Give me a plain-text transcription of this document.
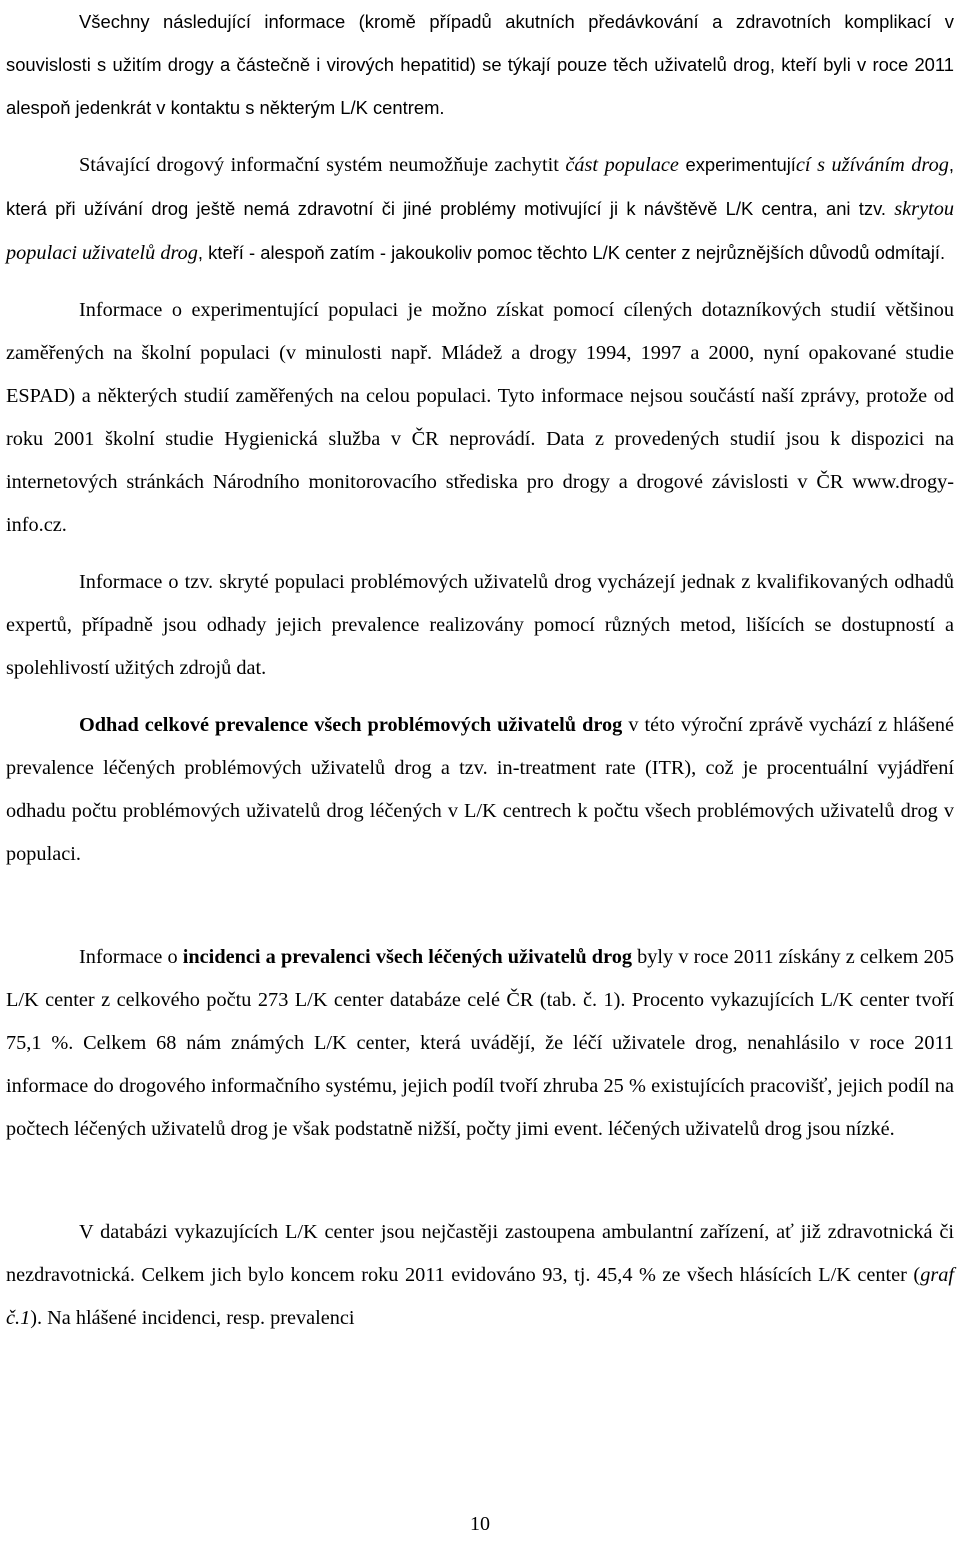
Všechny následující informace (kromě případů akutních předávkování a zdravotních komplikací v souvislosti s užitím drogy a částečně i virových hepatitid) se týkají pouze těch uživatelů drog, kteří byli v roce 2011 alespoň jedenkrát v kontaktu s některým L/K centrem.

Stávající drogový informační systém neumožňuje zachytit část populace experimentující s užíváním drog, která při užívání drog ještě nemá zdravotní či jiné problémy motivující ji k návštěvě L/K centra, ani tzv. skrytou populaci uživatelů drog, kteří - alespoň zatím - jakoukoliv pomoc těchto L/K center z nejrůznějších důvodů odmítají.

Informace o experimentující populaci je možno získat pomocí cílených dotazníkových studií většinou zaměřených na školní populaci (v minulosti např. Mládež a drogy 1994, 1997 a 2000, nyní opakované studie ESPAD) a některých studií zaměřených na celou populaci. Tyto informace nejsou součástí naší zprávy, protože od roku 2001 školní studie Hygienická služba v ČR neprovádí. Data z provedených studií jsou k dispozici na internetových stránkách Národního monitorovacího střediska pro drogy a drogové závislosti v ČR www.drogy-info.cz.

Informace o tzv. skryté populaci problémových uživatelů drog vycházejí jednak z kvalifikovaných odhadů expertů, případně jsou odhady jejich prevalence realizovány pomocí různých metod, lišících se dostupností a spolehlivostí užitých zdrojů dat.

Odhad celkové prevalence všech problémových uživatelů drog v této výroční zprávě vychází z hlášené prevalence léčených problémových uživatelů drog a tzv. in-treatment rate (ITR), což je procentuální vyjádření odhadu počtu problémových uživatelů drog léčených v L/K centrech k počtu všech problémových uživatelů drog v populaci.

Informace o incidenci a prevalenci všech léčených uživatelů drog byly v roce 2011 získány z celkem 205 L/K center z celkového počtu 273 L/K center databáze celé ČR (tab. č. 1). Procento vykazujících L/K center tvoří 75,1 %. Celkem 68 nám známých L/K center, která uvádějí, že léčí uživatele drog, nenahlásilo v roce 2011 informace do drogového informačního systému, jejich podíl tvoří zhruba 25 % existujících pracovišť, jejich podíl na počtech léčených uživatelů drog je však podstatně nižší, počty jimi event. léčených uživatelů drog jsou nízké.

V databázi vykazujících L/K center jsou nejčastěji zastoupena ambulantní zařízení, ať již zdravotnická či nezdravotnická. Celkem jich bylo koncem roku 2011 evidováno 93, tj. 45,4 % ze všech hlásících L/K center (graf č.1). Na hlášené incidenci, resp. prevalenci

10
